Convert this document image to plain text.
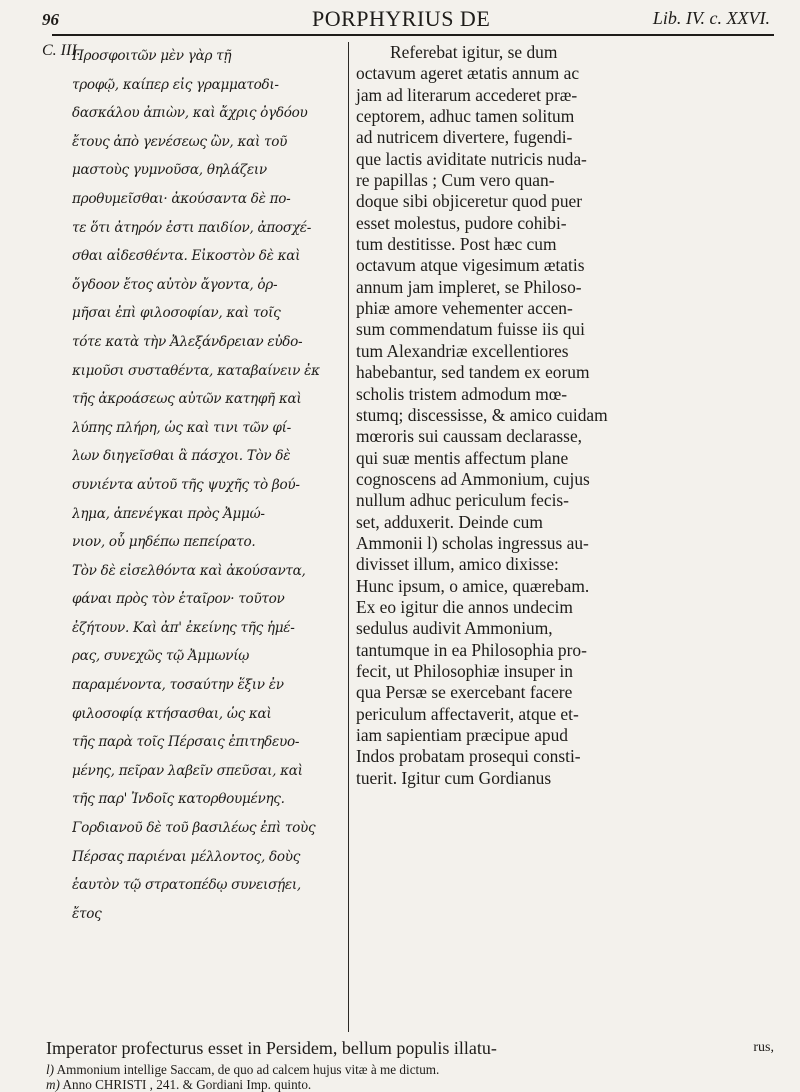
96	PORPHYRIUS DE	Lib. IV. c. XXVI.
C. III.
Προσφοιτῶν μὲν γὰρ τῇ
τροφῷ, καίπερ εἰς γραμματοδι-
δασκάλου ἀπιὼν, καὶ ἄχρις ὀγδόου
ἔτους ἀπὸ γενέσεως ὢν, καὶ τοῦ
μαστοὺς γυμνοῦσα, θηλάζειν
προθυμεῖσθαι· ἀκούσαντα δὲ πο-
τε ὅτι ἀτηρόν ἐστι παιδίον, ἀποσχέ-
σθαι αἰδεσθέντα. Εἰκοστὸν δὲ καὶ
ὄγδοον ἔτος αὐτὸν ἄγοντα, ὁρ-
μῆσαι ἐπὶ φιλοσοφίαν, καὶ τοῖς
τότε κατὰ τὴν Ἀλεξάνδρειαν εὐδο-
κιμοῦσι συσταθέντα, καταβαίνειν ἐκ
τῆς ἀκροάσεως αὐτῶν κατηφῆ καὶ
λύπης πλήρη, ὡς καὶ τινι τῶν φί-
λων διηγεῖσθαι ἃ πάσχοι. Τὸν δὲ
συνιέντα αὐτοῦ τῆς ψυχῆς τὸ βού-
λημα, ἀπενέγκαι πρὸς Ἀμμώ-
νιον, οὗ μηδέπω πεπείρατο.
Τὸν δὲ εἰσελθόντα καὶ ἀκούσαντα,
φάναι πρὸς τὸν ἑταῖρον· τοῦτον
ἐζήτουν. Καὶ ἀπ' ἐκείνης τῆς ἡμέ-
ρας, συνεχῶς τῷ Ἀμμωνίῳ
παραμένοντα, τοσαύτην ἕξιν ἐν
φιλοσοφίᾳ κτήσασθαι, ὡς καὶ
τῆς παρὰ τοῖς Πέρσαις ἐπιτηδευο-
μένης, πεῖραν λαβεῖν σπεῦσαι, καὶ
τῆς παρ' Ἰνδοῖς κατορθουμένης.
Γορδιανοῦ δὲ τοῦ βασιλέως ἐπὶ τοὺς
Πέρσας παριέναι μέλλοντος, δοὺς
ἑαυτὸν τῷ στρατοπέδῳ συνεισῄει,
ἔτος
Referebat igitur, se dum
octavum ageret ætatis annum ac
jam ad literarum accederet præ-
ceptorem, adhuc tamen solitum
ad nutricem divertere, fugendi-
que lactis aviditate nutricis nuda-
re papillas ; Cum vero quan-
doque sibi objiceretur quod puer
esset molestus, pudore cohibi-
tum destitisse. Post hæc cum
octavum atque vigesimum ætatis
annum jam impleret, se Philoso-
phiæ amore vehementer accen-
sum commendatum fuisse iis qui
tum Alexandriæ excellentiores
habebantur, sed tandem ex eorum
scholis tristem admodum mœ-
stumq; discessisse, & amico cuidam
mœroris sui caussam declarasse,
qui suæ mentis affectum plane
cognoscens ad Ammonium, cujus
nullum adhuc periculum fecis-
set, adduxerit. Deinde cum
Ammonii l) scholas ingressus au-
divisset illum, amico dixisse:
Hunc ipsum, o amice, quærebam.
Ex eo igitur die annos undecim
sedulus audivit Ammonium,
tantumque in ea Philosophia pro-
fecit, ut Philosophiæ insuper in
qua Persæ se exercebant facere
periculum affectaverit, atque et-
iam sapientiam præcipue apud
Indos probatam prosequi consti-
tuerit. Igitur cum Gordianus
Imperator profecturus esset in Persidem, bellum populis illatu-
l) Ammonium intellige Saccam, de quo ad calcem hujus vitæ à me dictum.
m) Anno CHRISTI , 241. & Gordiani Imp. quinto.
rus,
